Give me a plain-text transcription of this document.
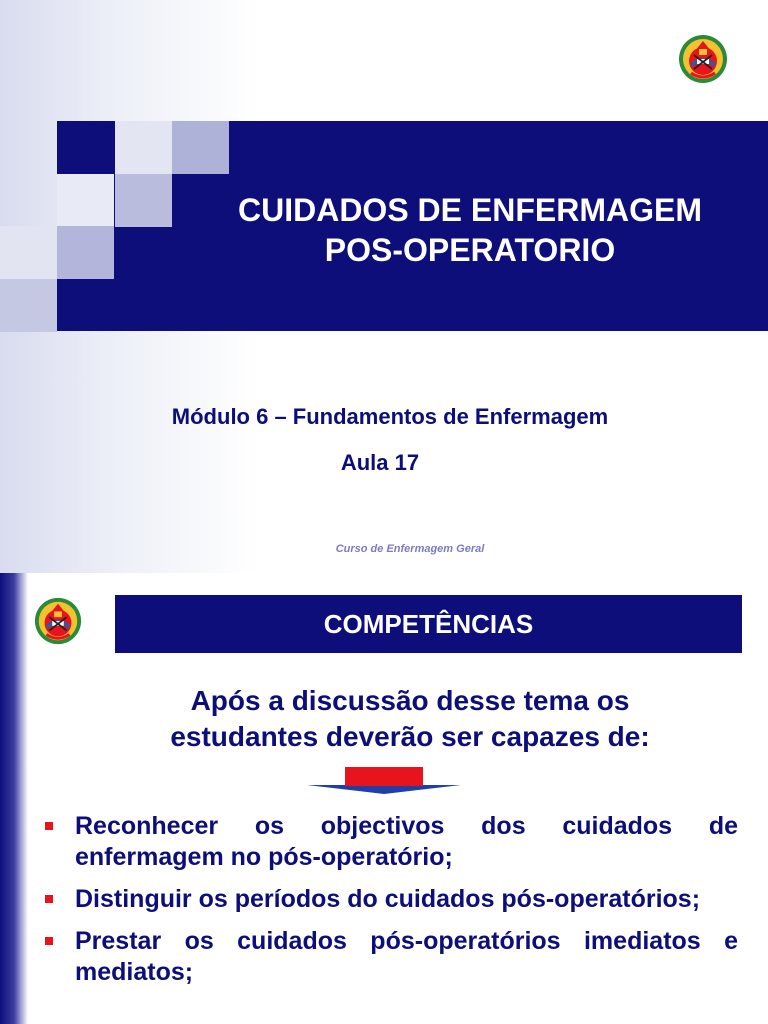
CUIDADOS DE ENFERMAGEM
POS-OPERATORIO
Módulo 6 – Fundamentos de Enfermagem
Aula 17
Curso de Enfermagem Geral
COMPETÊNCIAS
Após a discussão desse tema os
estudantes deverão ser capazes de:
Reconhecer os objectivos dos cuidados de enfermagem no pós-operatório;
Distinguir os períodos do cuidados pós-operatórios;
Prestar os cuidados pós-operatórios imediatos e mediatos;
